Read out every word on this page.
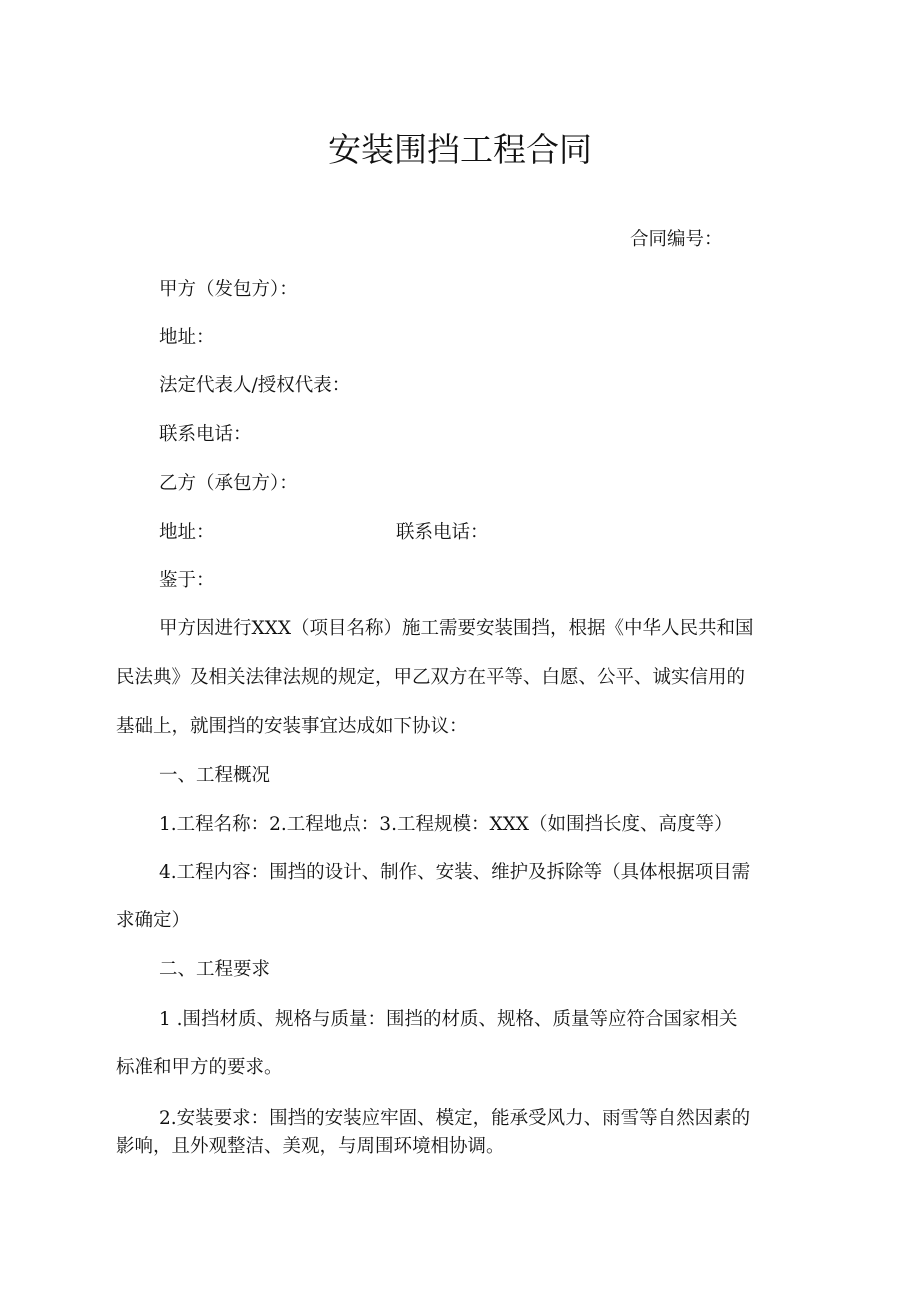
安装围挡工程合同
合同编号：
甲方（发包方）：
地址：
法定代表人/授权代表：
联系电话：
乙方（承包方）：
地址：	联系电话：
鉴于：
甲方因进行XXX（项目名称）施工需要安装围挡，根据《中华人民共和国
民法典》及相关法律法规的规定，甲乙双方在平等、白愿、公平、诚实信用的
基础上，就围挡的安装事宜达成如下协议：
一、工程概况
1.工程名称：2.工程地点：3.工程规模：XXX（如围挡长度、高度等）
4.工程内容：围挡的设计、制作、安装、维护及拆除等（具体根据项目需
求确定）
二、工程要求
1 .围挡材质、规格与质量：围挡的材质、规格、质量等应符合国家相关
标准和甲方的要求。
2.安装要求：围挡的安装应牢固、模定，能承受风力、雨雪等自然因素的
影响，且外观整洁、美观，与周围环境相协调。
